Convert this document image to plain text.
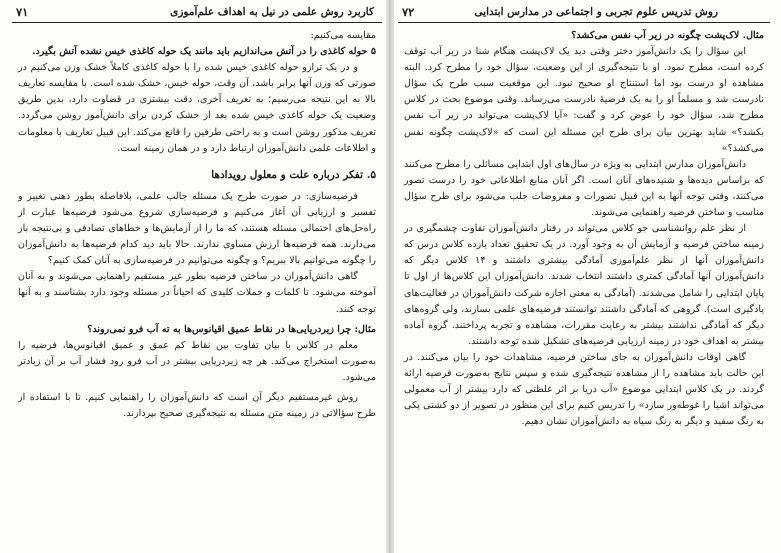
روش تدریس علوم تجربی و اجتماعی در مدارس ابتدایی
۷۲

مثال. لاک‌پشت چگونه در زیر آب نفس می‌کشد؟

این سؤال را یک دانش‌آموز دختر وقتی دید یک لاک‌پشت هنگام شنا در زیر آب توقف کرده است، مطرح نمود. او با نتیجه‌گیری از این وضعیت، سؤال خود را مطرح کرد. البته مشاهده او درست بود اما استنتاج او صحیح نبود. این موقعیت سبب طرح یک سؤال نادرست شد و مسلماً او را به یک فرضیهٔ نادرست می‌رساند. وقتی موضوع بحث در کلاس مطرح شد، سؤال خود را عوض کرد و گفت: «آیا لاک‌پشت می‌تواند در زیر آب نفس بکشد؟» شاید بهترین بیان برای طرح این مسئله این است که «لاک‌پشت چگونه نفس می‌کشد؟»

دانش‌آموزان مدارس ابتدایی به ویژه در سال‌های اول ابتدایی مسائلی را مطرح می‌کنند که براساس دیده‌ها و شنیده‌های آنان است. اگر آنان منابع اطلاعاتی خود را درست تصور می‌کنند، وقتی توجه آنها به این قبیل تصورات و مفروضات جلب می‌شود برای طرح سؤال مناسب و ساختن فرضیه راهنمایی می‌شوند.

از نظر علم روانشناسی جو کلاس می‌تواند در رفتار دانش‌آموزان تفاوت چشمگیری در زمینه ساختن فرضیه و آزمایش آن به وجود آورد. در یک تحقیق تعداد یازده کلاس درس که دانش‌آموزان آنها از نظر علم‌آموزی آمادگی بیشتری داشتند و ۱۴ کلاس دیگر که دانش‌آموزان آنها آمادگی کمتری داشتند انتخاب شدند. دانش‌آموزان این کلاس‌ها از اول تا پایان ابتدایی را شامل می‌شدند. (آمادگی به معنی اجازه شرکت دانش‌آموزان در فعالیت‌های یادگیری است). گروهی که آمادگی داشتند توانستند فرضیه‌های علمی بسازند، ولی گروه‌های دیگر که آمادگی نداشتند بیشتر به رعایت مقررات، مشاهده و تجربه پرداختند. گروه آماده بیشتر به اهداف خود در زمینه ارزیابی فرضیه‌های تشکیل شده توجه داشتند.

گاهی اوقات دانش‌آموزان به جای ساختن فرضیه، مشاهدات خود را بیان می‌کنند. در این حالت باید مشاهده را از مشاهده نتیجه‌گیری شده و سپس نتایج به‌صورت فرضیه ارائه گردند. در یک کلاس ابتدایی موضوع «آب دریا بر اثر غلظتی که دارد بیشتر از آب معمولی می‌تواند اشیا را غوطه‌ور سازد» را تدریس کنیم برای این منظور در تصویر از دو کشتی یکی به رنگ سفید و دیگر به رنگ سیاه به دانش‌آموزان نشان دهیم.

کاربرد روش علمی در نیل به اهداف علم‌آموزی
۷۱

مقایسه می‌کنیم:

۵ حوله کاغذی را در آتش می‌اندازیم باید مانند یک حوله کاغذی خیس نشده آتش بگیرد.

و در یک ترازو حوله کاغذی خیس شده را با حوله کاغذی کاملاً خشک وزن می‌کنیم در صورتی که وزن آنها برابر باشد، آن وقت، حوله خیس، خشک شده است. با مقایسه تعاریف بالا به این نتیجه می‌رسیم؛ به تعریف آخری، دقت بیشتری در قضاوت دارد، بدین طریق وضعیت یک حوله کاغذی خیس شده بعد از خشک کردن برای دانش‌آموز روشن می‌گردد. تعریف مذکور روشن است و به راحتی طرفین را قانع می‌کند. این قبیل تعاریف با معلومات و اطلاعات علمی دانش‌آموزان ارتباط دارد و در همان زمینه است.

۵. تفکر درباره علت و معلول رویدادها

فرضیه‌سازی: در صورت طرح یک مسئله جالب علمی، بلافاصله بطور ذهنی تغییر و تفسیر و ارزیابی آن آغاز می‌کنیم و فرضیه‌سازی شروع می‌شود فرضیه‌ها عبارت از راه‌حل‌های احتمالی مسئله هستند، که ما را از آزمایش‌ها و خطاهای تصادفی و بی‌نتیجه باز می‌دارند. همه فرضیه‌ها ارزش مساوی ندارند. حالا باید دید کدام فرضیه‌ها به دانش‌آموزان را چگونه می‌توانیم بالا ببریم؟ و چگونه می‌توانیم در فرضیه‌سازی به آنان کمک کنیم؟

گاهی دانش‌آموزان در ساختن فرضیه بطور غیر مستقیم راهنمایی می‌شوند و به آنان آموخته می‌شود. تا کلمات و جملات کلیدی که احیاناً در مسئله وجود دارد بشناسند و به آنها توجه کنند.

مثال: چرا زیردریایی‌ها در نقاط عمیق اقیانوس‌ها به ته آب فرو نمی‌روند؟

معلم در کلاس با بیان تفاوت بین نقاط کم عمق و عمیق اقیانوس‌ها، فرضیه را به‌صورت استخراج می‌کند. هر چه زیردریایی بیشتر در آب فرو رود فشار آب بر آن زیادتر می‌شود.

روش غیرمستقیم دیگر آن است که دانش‌آموزان را راهنمایی کنیم. تا با استفاده از طرح سؤالاتی در زمینه متن مسئله به نتیجه‌گیری صحیح بپردازند.
